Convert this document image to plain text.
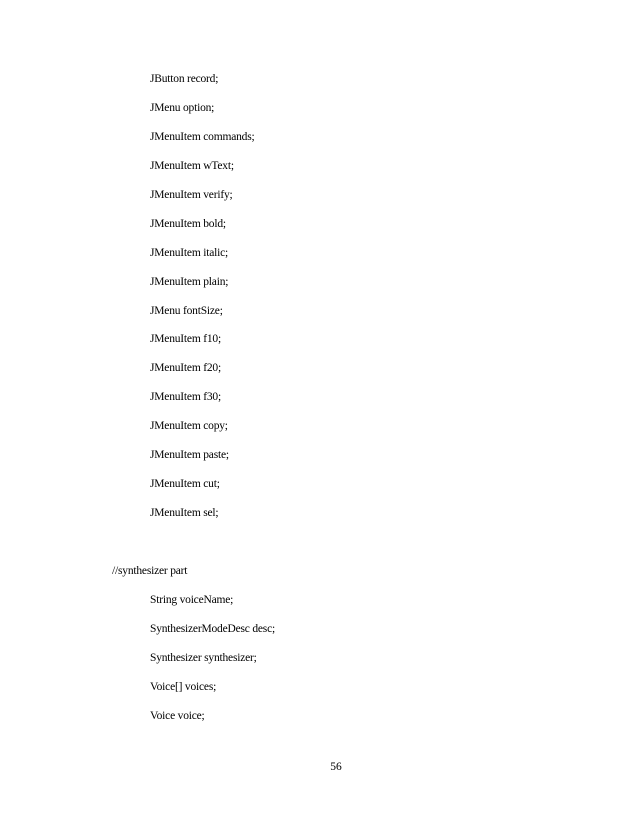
JButton record;
JMenu option;
JMenuItem commands;
JMenuItem wText;
JMenuItem verify;
JMenuItem bold;
JMenuItem italic;
JMenuItem plain;
JMenu fontSize;
JMenuItem f10;
JMenuItem f20;
JMenuItem f30;
JMenuItem copy;
JMenuItem paste;
JMenuItem cut;
JMenuItem sel;
//synthesizer part
String voiceName;
SynthesizerModeDesc desc;
Synthesizer synthesizer;
Voice[] voices;
Voice voice;
56
